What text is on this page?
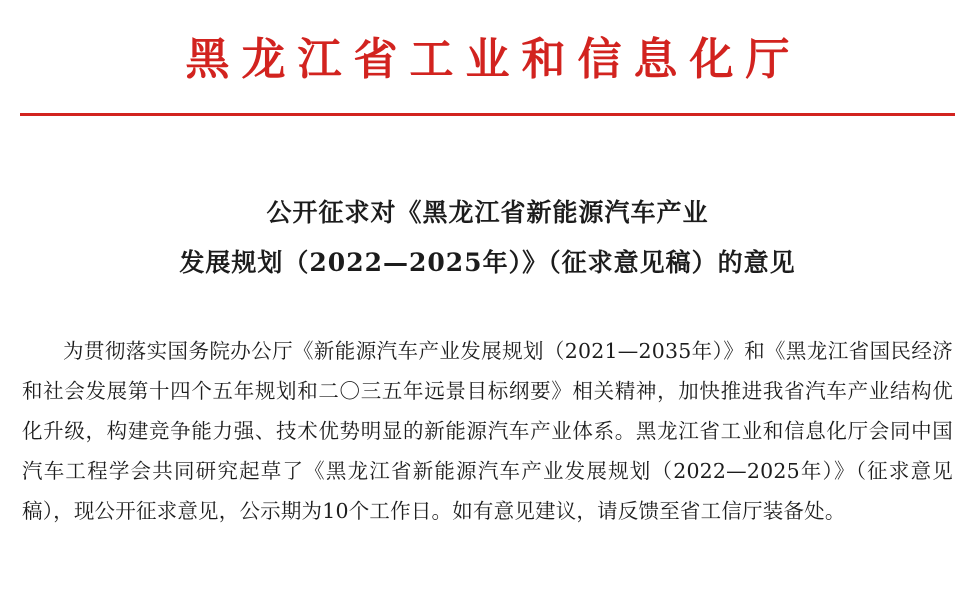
黑龙江省工业和信息化厅
公开征求对《黑龙江省新能源汽车产业
发展规划（2022—2025年）》（征求意见稿）的意见

为贯彻落实国务院办公厅《新能源汽车产业发展规划（2021—2035年）》和《黑龙江省国民经济和社会发展第十四个五年规划和二〇三五年远景目标纲要》相关精神，加快推进我省汽车产业结构优化升级，构建竞争能力强、技术优势明显的新能源汽车产业体系。黑龙江省工业和信息化厅会同中国汽车工程学会共同研究起草了《黑龙江省新能源汽车产业发展规划（2022—2025年）》（征求意见稿），现公开征求意见，公示期为10个工作日。如有意见建议，请反馈至省工信厅装备处。
